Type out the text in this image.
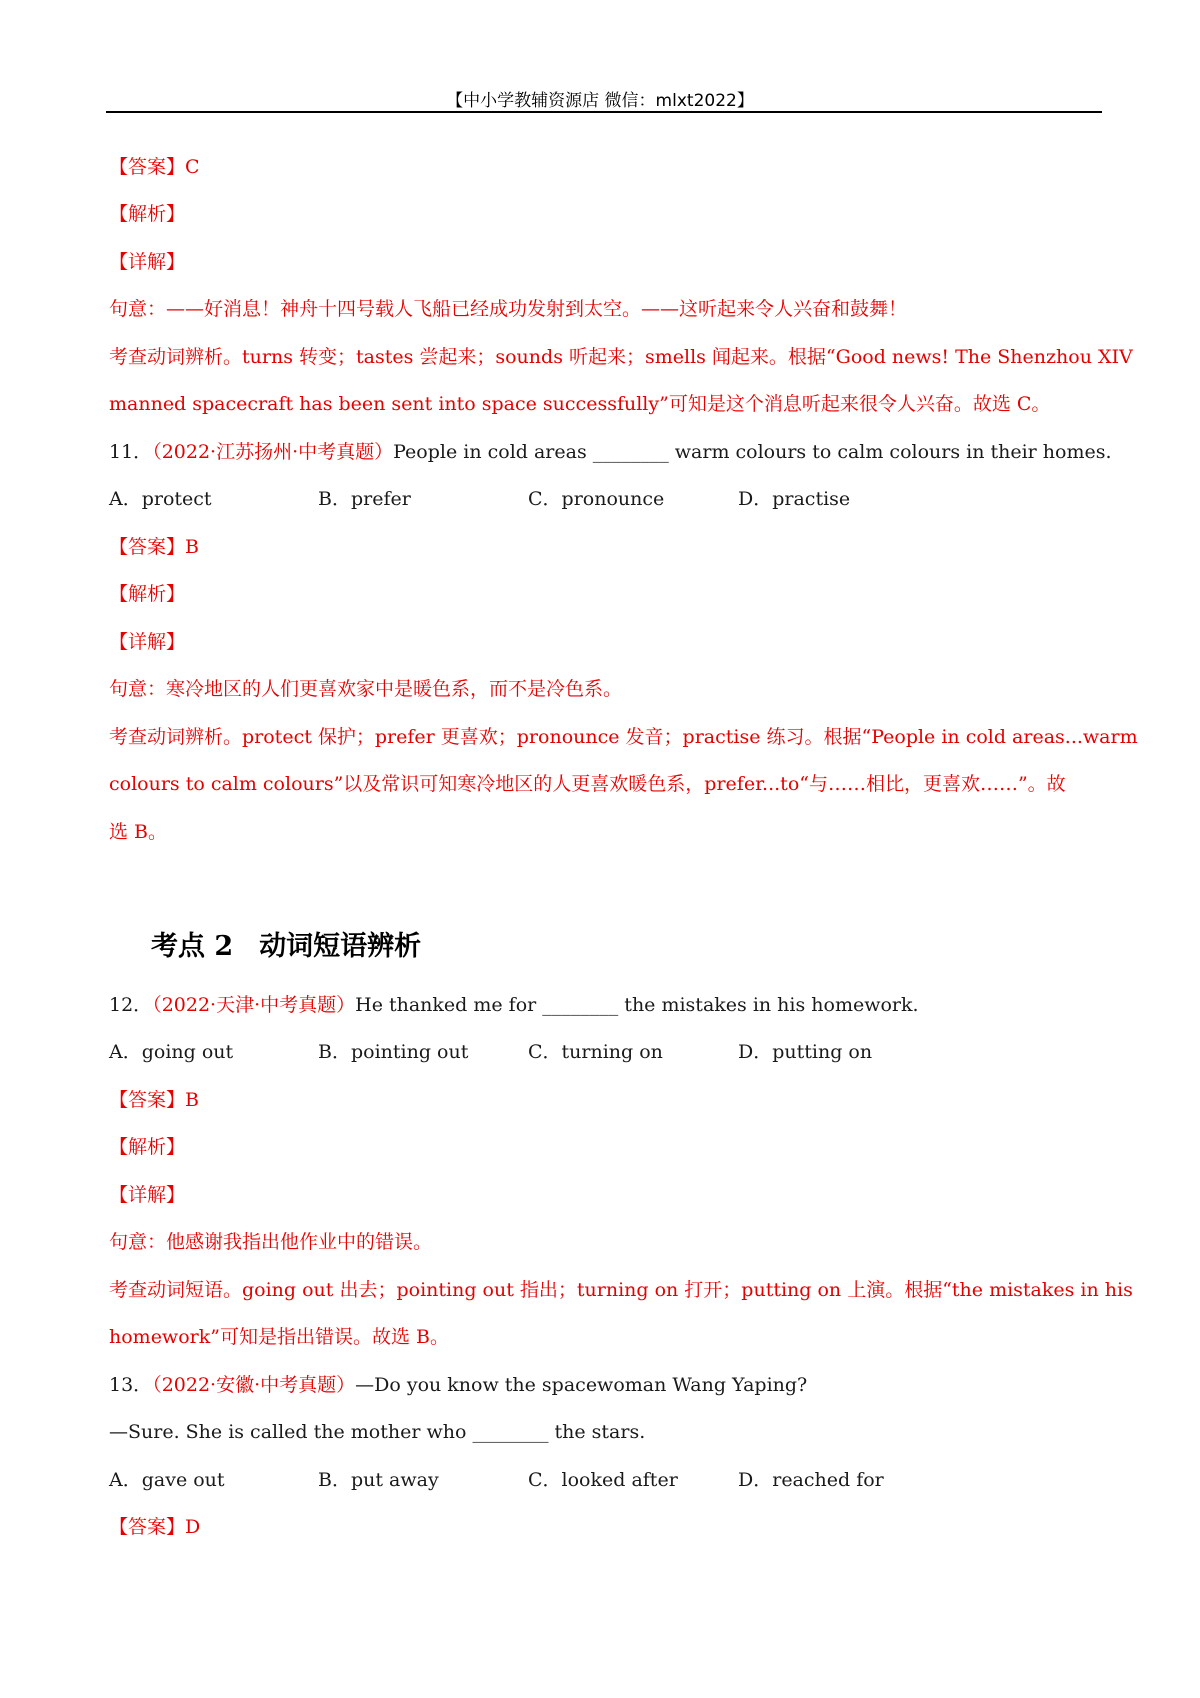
【中小学教辅资源店 微信：mlxt2022】
【答案】C
【解析】
【详解】
句意：——好消息！神舟十四号载人飞船已经成功发射到太空。——这听起来令人兴奋和鼓舞！
考查动词辨析。turns 转变；tastes 尝起来；sounds 听起来；smells 闻起来。根据“Good news! The Shenzhou XIV
manned spacecraft has been sent into space successfully”可知是这个消息听起来很令人兴奋。故选 C。
11．（2022·江苏扬州·中考真题）People in cold areas ________ warm colours to calm colours in their homes.
A．protect	B．prefer	C．pronounce	D．practise
【答案】B
【解析】
【详解】
句意：寒冷地区的人们更喜欢家中是暖色系，而不是冷色系。
考查动词辨析。protect 保护；prefer 更喜欢；pronounce 发音；practise 练习。根据“People in cold areas...warm
colours to calm colours”以及常识可知寒冷地区的人更喜欢暖色系，prefer...to“与……相比，更喜欢……”。故
选 B。
考点 2 动词短语辨析
12．（2022·天津·中考真题）He thanked me for ________ the mistakes in his homework.
A．going out	B．pointing out	C．turning on	D．putting on
【答案】B
【解析】
【详解】
句意：他感谢我指出他作业中的错误。
考查动词短语。going out 出去；pointing out 指出；turning on 打开；putting on 上演。根据“the mistakes in his
homework”可知是指出错误。故选 B。
13．（2022·安徽·中考真题）—Do you know the spacewoman Wang Yaping?
—Sure. She is called the mother who ________ the stars.
A．gave out	B．put away	C．looked after	D．reached for
【答案】D
